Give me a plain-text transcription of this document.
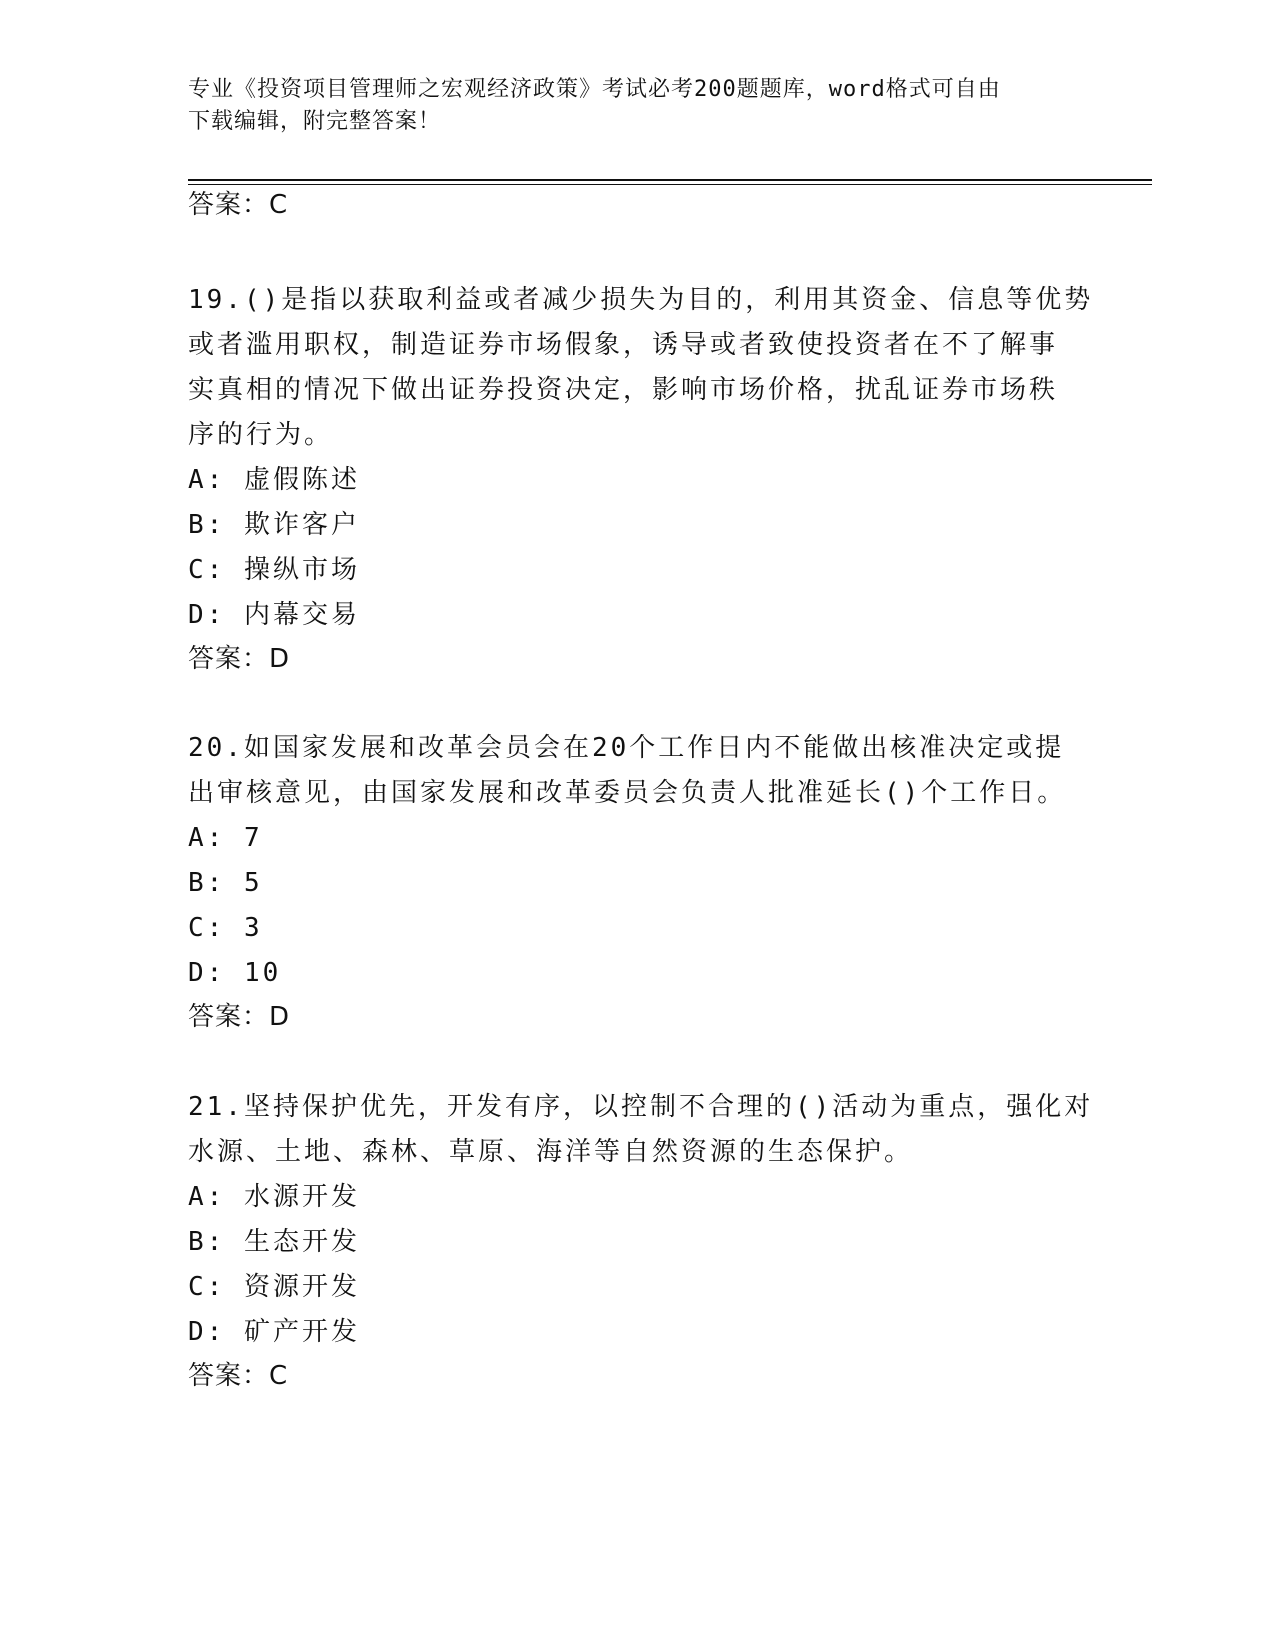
专业《投资项目管理师之宏观经济政策》考试必考200题题库，word格式可自由
下载编辑，附完整答案！
答案：C
19.()是指以获取利益或者减少损失为目的，利用其资金、信息等优势
或者滥用职权，制造证券市场假象，诱导或者致使投资者在不了解事
实真相的情况下做出证券投资决定，影响市场价格，扰乱证券市场秩
序的行为。
A: 虚假陈述
B: 欺诈客户
C: 操纵市场
D: 内幕交易
答案：D
20.如国家发展和改革会员会在20个工作日内不能做出核准决定或提
出审核意见，由国家发展和改革委员会负责人批准延长()个工作日。
A: 7
B: 5
C: 3
D: 10
答案：D
21.坚持保护优先，开发有序，以控制不合理的()活动为重点，强化对
水源、土地、森林、草原、海洋等自然资源的生态保护。
A: 水源开发
B: 生态开发
C: 资源开发
D: 矿产开发
答案：C
